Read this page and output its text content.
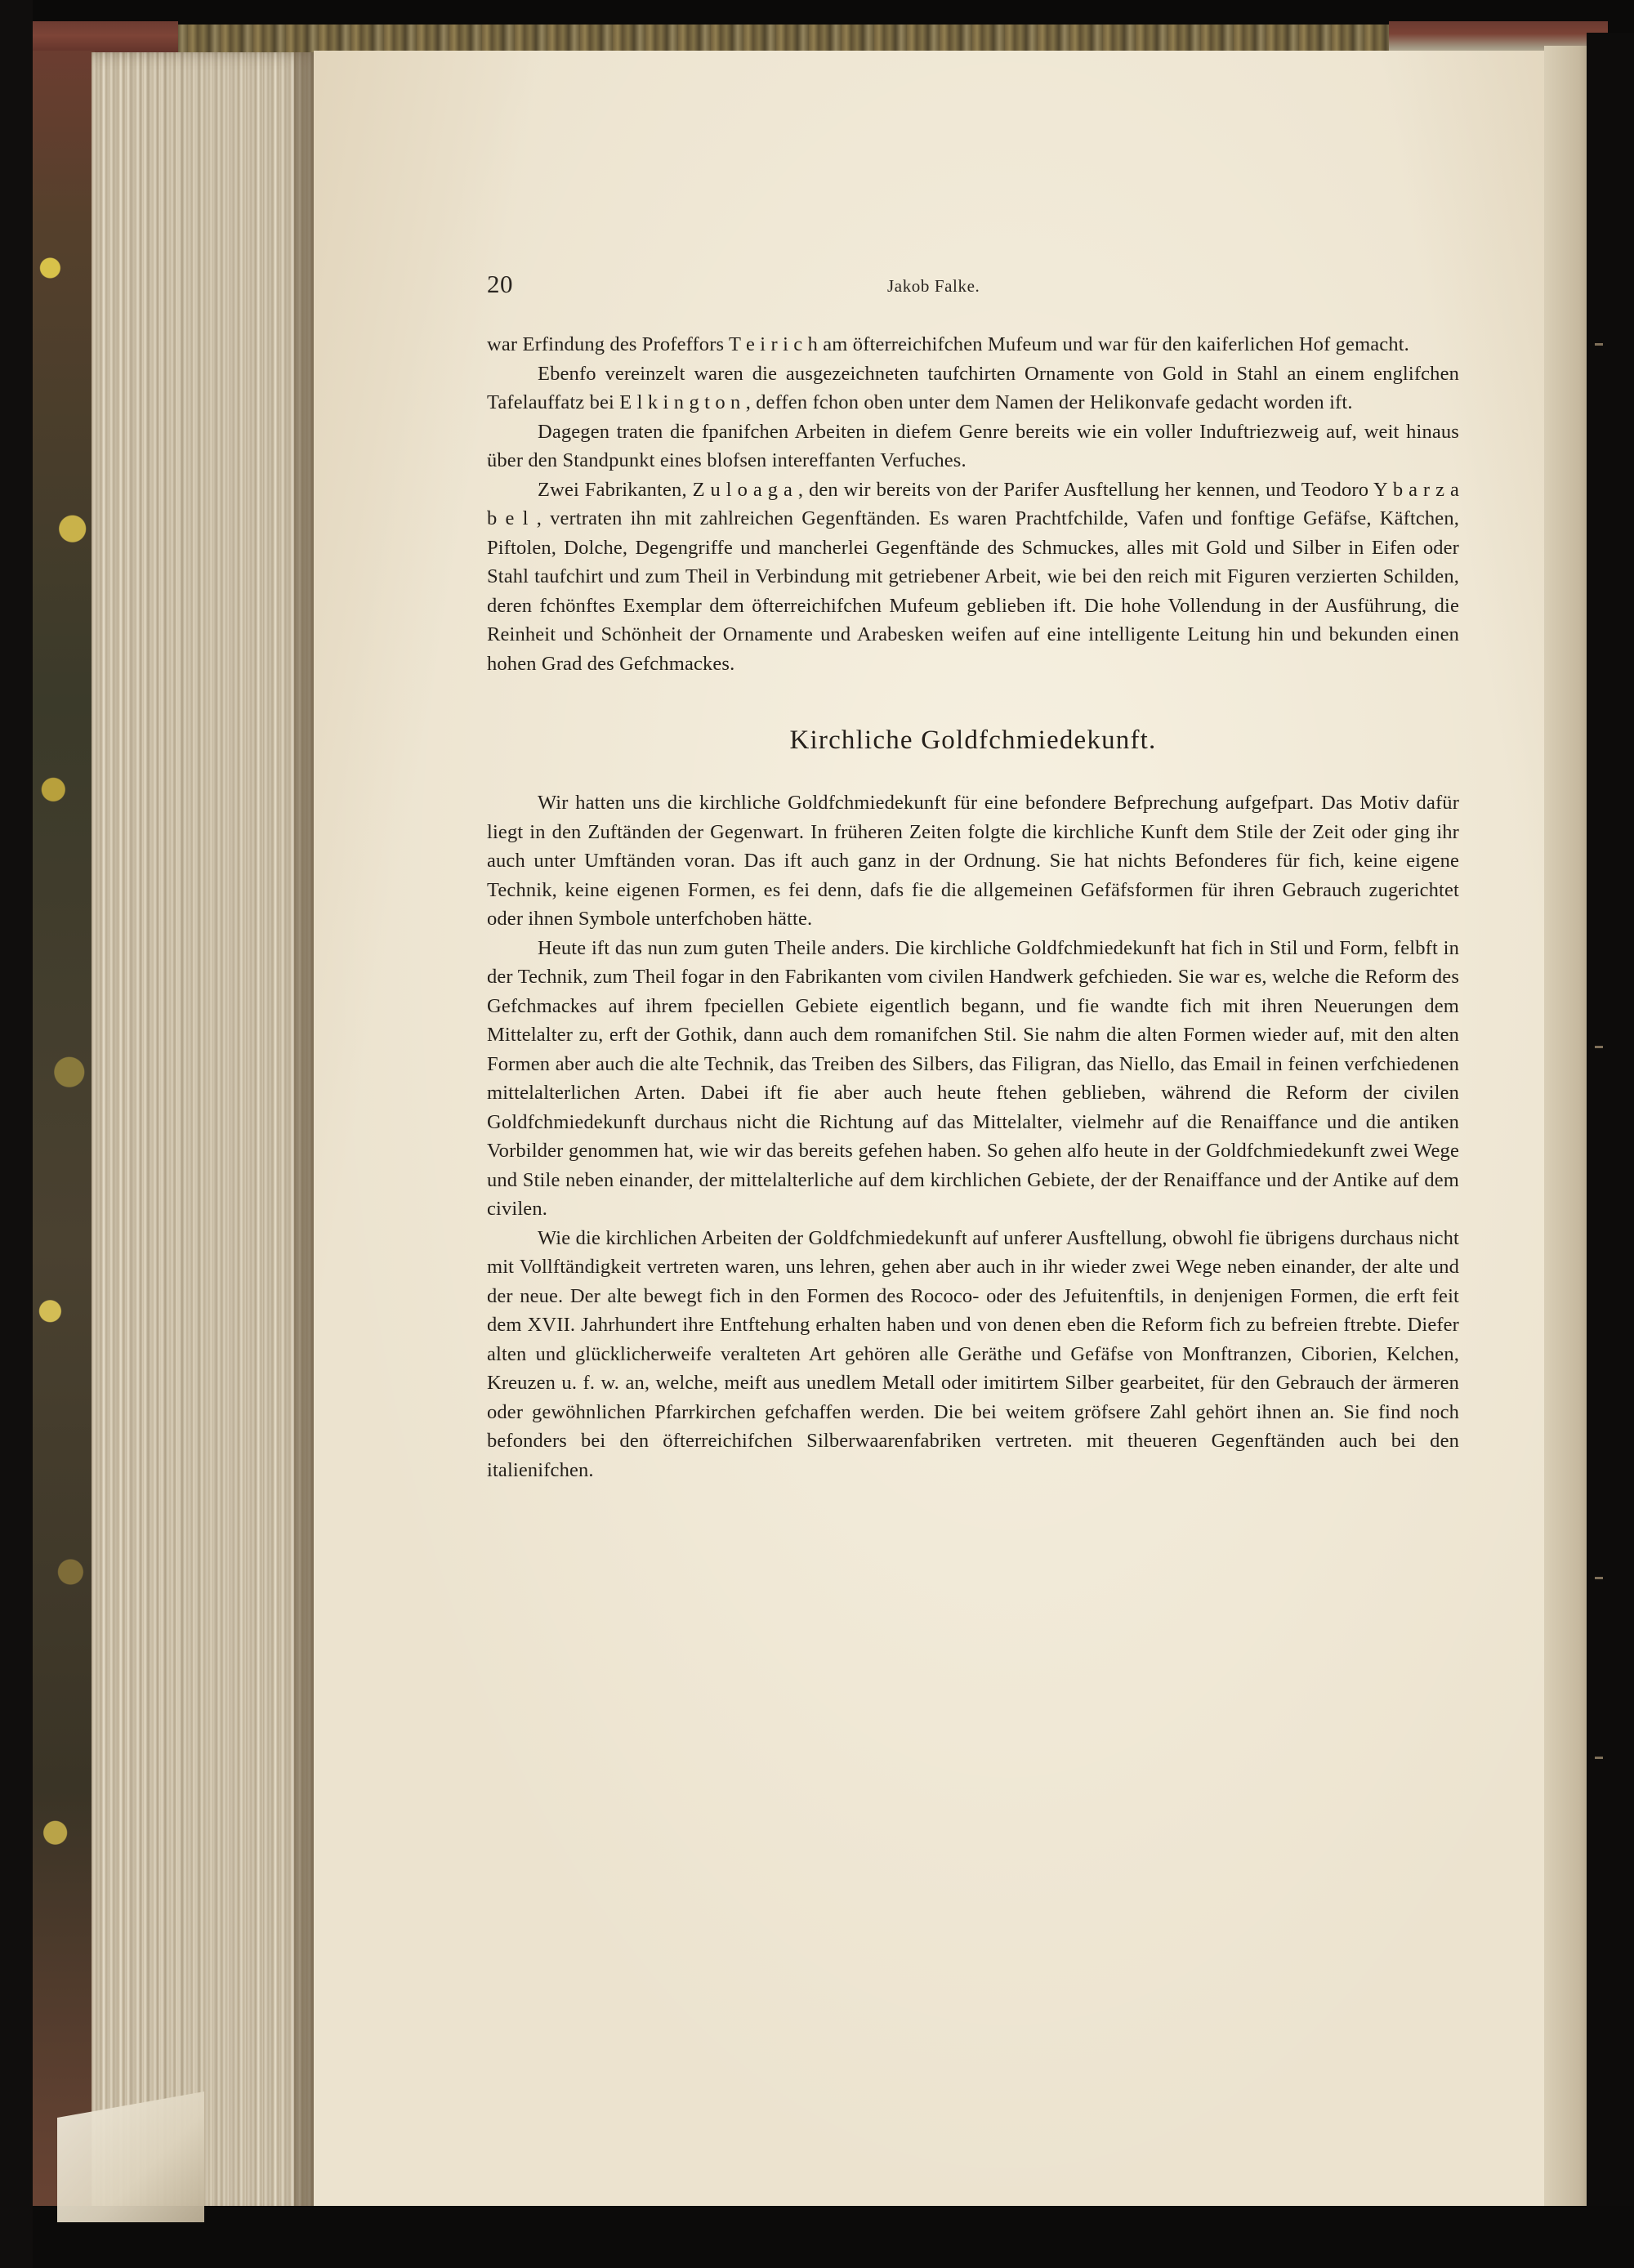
20	Jakob Falke.

war Erfindung des Profeffors T e i r i c h am öfterreichifchen Mufeum und war für den kaiferlichen Hof gemacht.

Ebenfo vereinzelt waren die ausgezeichneten taufchirten Ornamente von Gold in Stahl an einem englifchen Tafelauffatz bei E l k i n g t o n , deffen fchon oben unter dem Namen der Helikonvafe gedacht worden ift.

Dagegen traten die fpanifchen Arbeiten in diefem Genre bereits wie ein voller Induftriezweig auf, weit hinaus über den Standpunkt eines blofsen intereffanten Verfuches.

Zwei Fabrikanten, Z u l o a g a , den wir bereits von der Parifer Ausftellung her kennen, und Teodoro Y b a r z a b e l , vertraten ihn mit zahlreichen Gegenftänden. Es waren Prachtfchilde, Vafen und fonftige Gefäfse, Käftchen, Piftolen, Dolche, Degengriffe und mancherlei Gegenftände des Schmuckes, alles mit Gold und Silber in Eifen oder Stahl taufchirt und zum Theil in Verbindung mit getriebener Arbeit, wie bei den reich mit Figuren verzierten Schilden, deren fchönftes Exemplar dem öfterreichifchen Mufeum geblieben ift. Die hohe Vollendung in der Ausführung, die Reinheit und Schönheit der Ornamente und Arabesken weifen auf eine intelligente Leitung hin und bekunden einen hohen Grad des Gefchmackes.

Kirchliche Goldfchmiedekunft.

Wir hatten uns die kirchliche Goldfchmiedekunft für eine befondere Befprechung aufgefpart. Das Motiv dafür liegt in den Zuftänden der Gegenwart. In früheren Zeiten folgte die kirchliche Kunft dem Stile der Zeit oder ging ihr auch unter Umftänden voran. Das ift auch ganz in der Ordnung. Sie hat nichts Befonderes für fich, keine eigene Technik, keine eigenen Formen, es fei denn, dafs fie die allgemeinen Gefäfsformen für ihren Gebrauch zugerichtet oder ihnen Symbole unterfchoben hätte.

Heute ift das nun zum guten Theile anders. Die kirchliche Goldfchmiedekunft hat fich in Stil und Form, felbft in der Technik, zum Theil fogar in den Fabrikanten vom civilen Handwerk gefchieden. Sie war es, welche die Reform des Gefchmackes auf ihrem fpeciellen Gebiete eigentlich begann, und fie wandte fich mit ihren Neuerungen dem Mittelalter zu, erft der Gothik, dann auch dem romanifchen Stil. Sie nahm die alten Formen wieder auf, mit den alten Formen aber auch die alte Technik, das Treiben des Silbers, das Filigran, das Niello, das Email in feinen verfchiedenen mittelalterlichen Arten. Dabei ift fie aber auch heute ftehen geblieben, während die Reform der civilen Goldfchmiedekunft durchaus nicht die Richtung auf das Mittelalter, vielmehr auf die Renaiffance und die antiken Vorbilder genommen hat, wie wir das bereits gefehen haben. So gehen alfo heute in der Goldfchmiedekunft zwei Wege und Stile neben einander, der mittelalterliche auf dem kirchlichen Gebiete, der der Renaiffance und der Antike auf dem civilen.

Wie die kirchlichen Arbeiten der Goldfchmiedekunft auf unferer Ausftellung, obwohl fie übrigens durchaus nicht mit Vollftändigkeit vertreten waren, uns lehren, gehen aber auch in ihr wieder zwei Wege neben einander, der alte und der neue. Der alte bewegt fich in den Formen des Rococo- oder des Jefuitenftils, in denjenigen Formen, die erft feit dem XVII. Jahrhundert ihre Entftehung erhalten haben und von denen eben die Reform fich zu befreien ftrebte. Diefer alten und glücklicherweife veralteten Art gehören alle Geräthe und Gefäfse von Monftranzen, Ciborien, Kelchen, Kreuzen u. f. w. an, welche, meift aus unedlem Metall oder imitirtem Silber gearbeitet, für den Gebrauch der ärmeren oder gewöhnlichen Pfarrkirchen gefchaffen werden. Die bei weitem gröfsere Zahl gehört ihnen an. Sie find noch befonders bei den öfterreichifchen Silberwaarenfabriken vertreten. mit theueren Gegenftänden auch bei den italienifchen.
